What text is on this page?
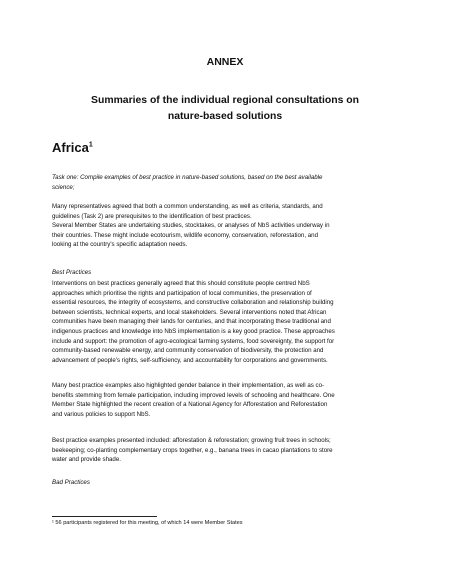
ANNEX
Summaries of the individual regional consultations on
nature-based solutions
Africa$^1$
Task one: Compile examples of best practice in nature-based solutions, based on the best available
science;
Many representatives agreed that both a common understanding, as well as criteria, standards, and
guidelines (Task 2) are prerequisites to the identification of best practices.
Several Member States are undertaking studies, stocktakes, or analyses of NbS activities underway in
their countries. These might include ecotourism, wildlife economy, conservation, reforestation, and
looking at the country's specific adaptation needs.
Best Practices
Interventions on best practices generally agreed that this should constitute people centred NbS
approaches which prioritise the rights and participation of local communities, the preservation of
essential resources, the integrity of ecosystems, and constructive collaboration and relationship building
between scientists, technical experts, and local stakeholders. Several interventions noted that African
communities have been managing their lands for centuries, and that incorporating these traditional and
indigenous practices and knowledge into NbS implementation is a key good practice. These approaches
include and support: the promotion of agro-ecological farming systems, food sovereignty, the support for
community-based renewable energy, and community conservation of biodiversity, the protection and
advancement of people's rights, self-sufficiency, and accountability for corporations and governments.
Many best practice examples also highlighted gender balance in their implementation, as well as co-
benefits stemming from female participation, including improved levels of schooling and healthcare. One
Member State highlighted the recent creation of a National Agency for Afforestation and Reforestation
and various policies to support NbS.
Best practice examples presented included: afforestation & reforestation; growing fruit trees in schools;
beekeeping; co-planting complementary crops together, e.g., banana trees in cacao plantations to store
water and provide shade.
Bad Practices
¹ 56 participants registered for this meeting, of which 14 were Member States
